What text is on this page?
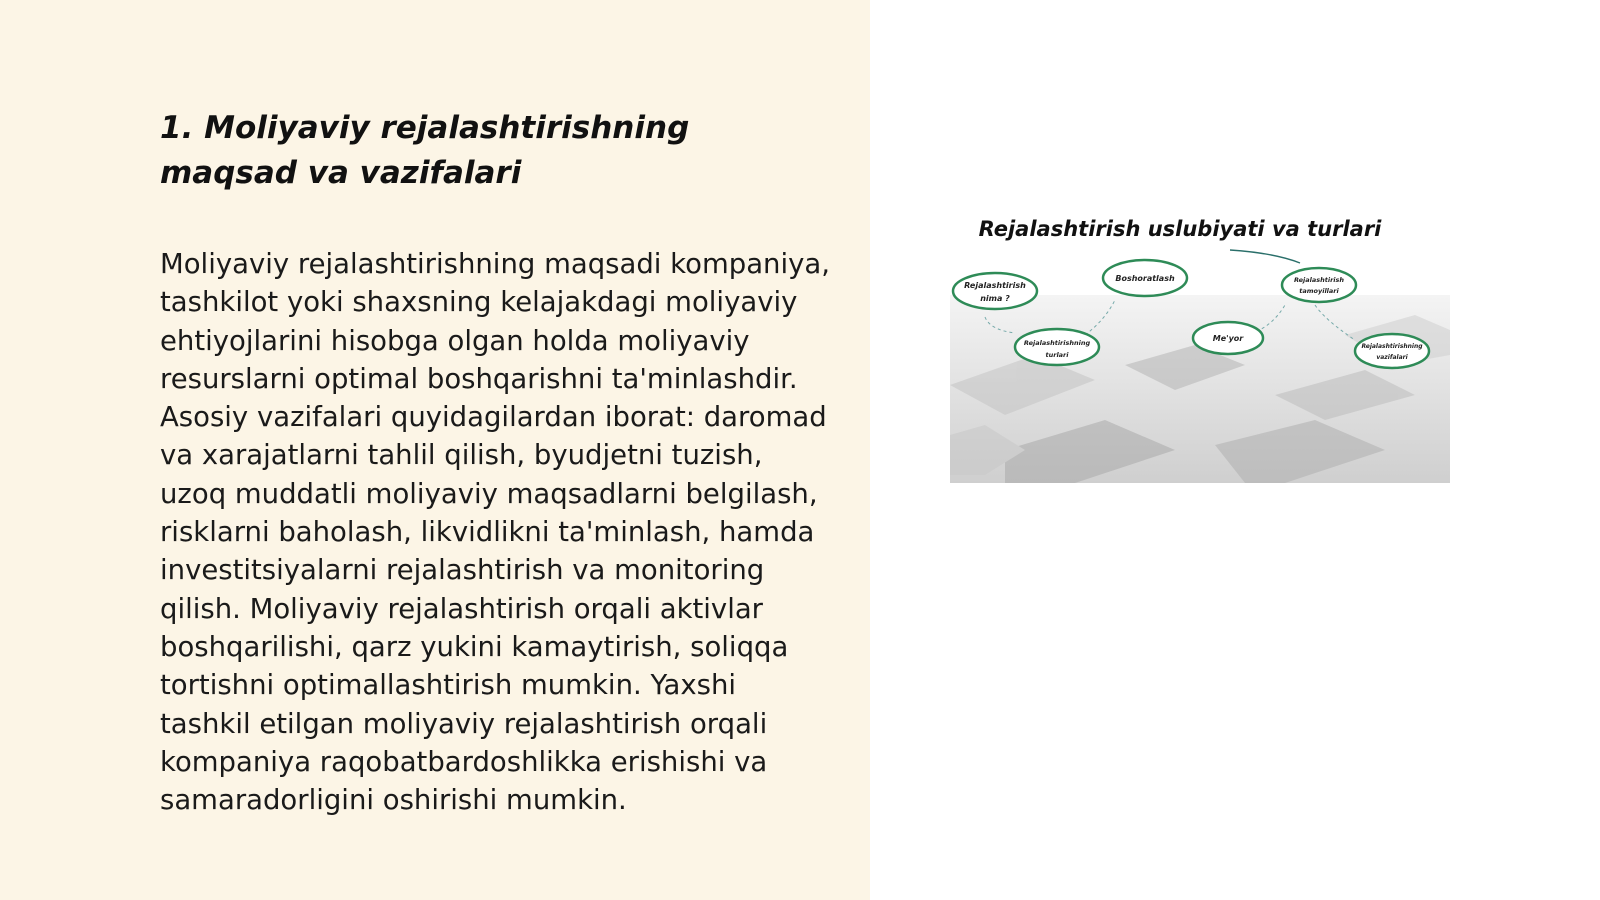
1. Moliyaviy rejalashtirishning maqsad va vazifalari

Moliyaviy rejalashtirishning maqsadi kompaniya, tashkilot yoki shaxsning kelajakdagi moliyaviy ehtiyojlarini hisobga olgan holda moliyaviy resurslarni optimal boshqarishni ta'minlashdir. Asosiy vazifalari quyidagilardan iborat: daromad va xarajatlarni tahlil qilish, byudjetni tuzish, uzoq muddatli moliyaviy maqsadlarni belgilash, risklarni baholash, likvidlikni ta'minlash, hamda investitsiyalarni rejalashtirish va monitoring qilish. Moliyaviy rejalashtirish orqali aktivlar boshqarilishi, qarz yukini kamaytirish, soliqqa tortishni optimallashtirish mumkin. Yaxshi tashkil etilgan moliyaviy rejalashtirish orqali kompaniya raqobatbardoshlikka erishishi va samaradorligini oshirishi mumkin.

Rejalashtirish uslubiyati va turlari
Rejalashtirish
nima ?
Boshoratlash	Rejalashtirish
tamoyillari
Rejalashtirishning
turlari
Me'yor
Rejalashtirishning
vazifalari
